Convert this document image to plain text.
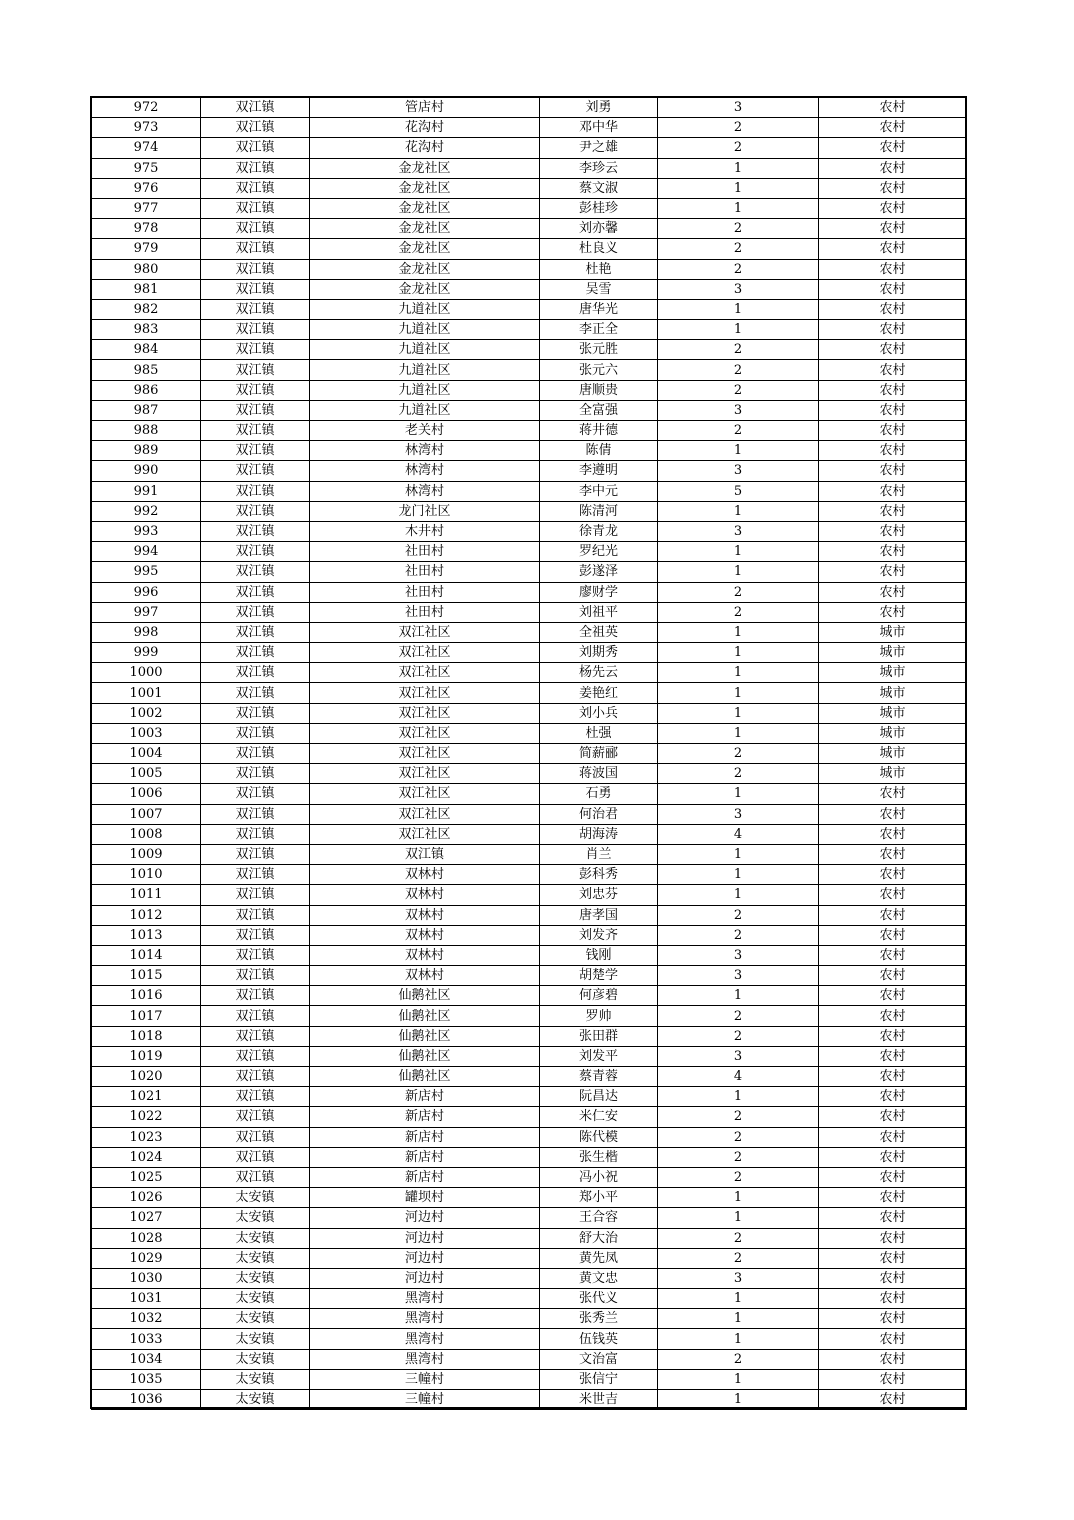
972	双江镇	管店村	刘勇	3	农村
973	双江镇	花沟村	邓中华	2	农村
974	双江镇	花沟村	尹之雄	2	农村
975	双江镇	金龙社区	李珍云	1	农村
976	双江镇	金龙社区	蔡文淑	1	农村
977	双江镇	金龙社区	彭桂珍	1	农村
978	双江镇	金龙社区	刘亦馨	2	农村
979	双江镇	金龙社区	杜良义	2	农村
980	双江镇	金龙社区	杜艳	2	农村
981	双江镇	金龙社区	吴雪	3	农村
982	双江镇	九道社区	唐华光	1	农村
983	双江镇	九道社区	李正全	1	农村
984	双江镇	九道社区	张元胜	2	农村
985	双江镇	九道社区	张元六	2	农村
986	双江镇	九道社区	唐顺贵	2	农村
987	双江镇	九道社区	全富强	3	农村
988	双江镇	老关村	蒋井德	2	农村
989	双江镇	林湾村	陈倩	1	农村
990	双江镇	林湾村	李遵明	3	农村
991	双江镇	林湾村	李中元	5	农村
992	双江镇	龙门社区	陈清河	1	农村
993	双江镇	木井村	徐青龙	3	农村
994	双江镇	社田村	罗纪光	1	农村
995	双江镇	社田村	彭遂泽	1	农村
996	双江镇	社田村	廖财学	2	农村
997	双江镇	社田村	刘祖平	2	农村
998	双江镇	双江社区	全祖英	1	城市
999	双江镇	双江社区	刘期秀	1	城市
1000	双江镇	双江社区	杨先云	1	城市
1001	双江镇	双江社区	姜艳红	1	城市
1002	双江镇	双江社区	刘小兵	1	城市
1003	双江镇	双江社区	杜强	1	城市
1004	双江镇	双江社区	简薪郦	2	城市
1005	双江镇	双江社区	蒋波国	2	城市
1006	双江镇	双江社区	石勇	1	农村
1007	双江镇	双江社区	何治君	3	农村
1008	双江镇	双江社区	胡海涛	4	农村
1009	双江镇	双江镇	肖兰	1	农村
1010	双江镇	双林村	彭科秀	1	农村
1011	双江镇	双林村	刘忠芬	1	农村
1012	双江镇	双林村	唐孝国	2	农村
1013	双江镇	双林村	刘发齐	2	农村
1014	双江镇	双林村	钱刚	3	农村
1015	双江镇	双林村	胡楚学	3	农村
1016	双江镇	仙鹅社区	何彦碧	1	农村
1017	双江镇	仙鹅社区	罗帅	2	农村
1018	双江镇	仙鹅社区	张田群	2	农村
1019	双江镇	仙鹅社区	刘发平	3	农村
1020	双江镇	仙鹅社区	蔡青蓉	4	农村
1021	双江镇	新店村	阮昌达	1	农村
1022	双江镇	新店村	米仁安	2	农村
1023	双江镇	新店村	陈代模	2	农村
1024	双江镇	新店村	张生楷	2	农村
1025	双江镇	新店村	冯小祝	2	农村
1026	太安镇	罐坝村	郑小平	1	农村
1027	太安镇	河边村	王合容	1	农村
1028	太安镇	河边村	舒大治	2	农村
1029	太安镇	河边村	黄先凤	2	农村
1030	太安镇	河边村	黄文忠	3	农村
1031	太安镇	黑湾村	张代义	1	农村
1032	太安镇	黑湾村	张秀兰	1	农村
1033	太安镇	黑湾村	伍钱英	1	农村
1034	太安镇	黑湾村	文治富	2	农村
1035	太安镇	三幢村	张信宁	1	农村
1036	太安镇	三幢村	米世吉	1	农村
